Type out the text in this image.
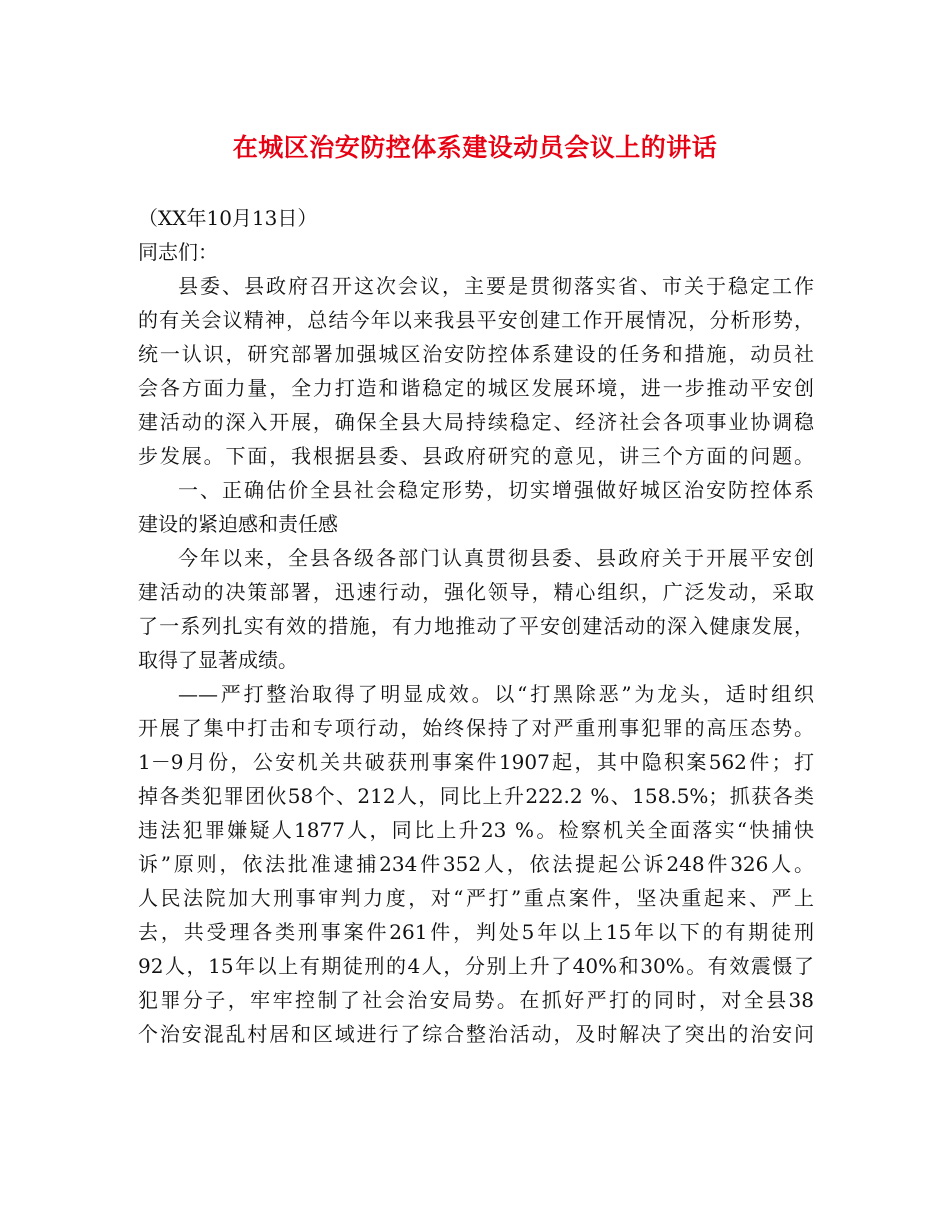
在城区治安防控体系建设动员会议上的讲话
（XX年10月13日）
同志们：
县委、县政府召开这次会议，主要是贯彻落实省、市关于稳定工作
的有关会议精神，总结今年以来我县平安创建工作开展情况，分析形势，
统一认识，研究部署加强城区治安防控体系建设的任务和措施，动员社
会各方面力量，全力打造和谐稳定的城区发展环境，进一步推动平安创
建活动的深入开展，确保全县大局持续稳定、经济社会各项事业协调稳
步发展。下面，我根据县委、县政府研究的意见，讲三个方面的问题。
一、正确估价全县社会稳定形势，切实增强做好城区治安防控体系
建设的紧迫感和责任感
今年以来，全县各级各部门认真贯彻县委、县政府关于开展平安创
建活动的决策部署，迅速行动，强化领导，精心组织，广泛发动，采取
了一系列扎实有效的措施，有力地推动了平安创建活动的深入健康发展，
取得了显著成绩。
——严打整治取得了明显成效。以“打黑除恶”为龙头，适时组织
开展了集中打击和专项行动，始终保持了对严重刑事犯罪的高压态势。
1－9月份，公安机关共破获刑事案件1907起，其中隐积案562件；打
掉各类犯罪团伙58个、212人，同比上升222.2 %、158.5%；抓获各类
违法犯罪嫌疑人1877人，同比上升23 %。检察机关全面落实“快捕快
诉”原则，依法批准逮捕234件352人，依法提起公诉248件326人。
人民法院加大刑事审判力度，对“严打”重点案件，坚决重起来、严上
去，共受理各类刑事案件261件，判处5年以上15年以下的有期徒刑
92人，15年以上有期徒刑的4人，分别上升了40%和30%。有效震慑了
犯罪分子，牢牢控制了社会治安局势。在抓好严打的同时，对全县38
个治安混乱村居和区域进行了综合整治活动，及时解决了突出的治安问
